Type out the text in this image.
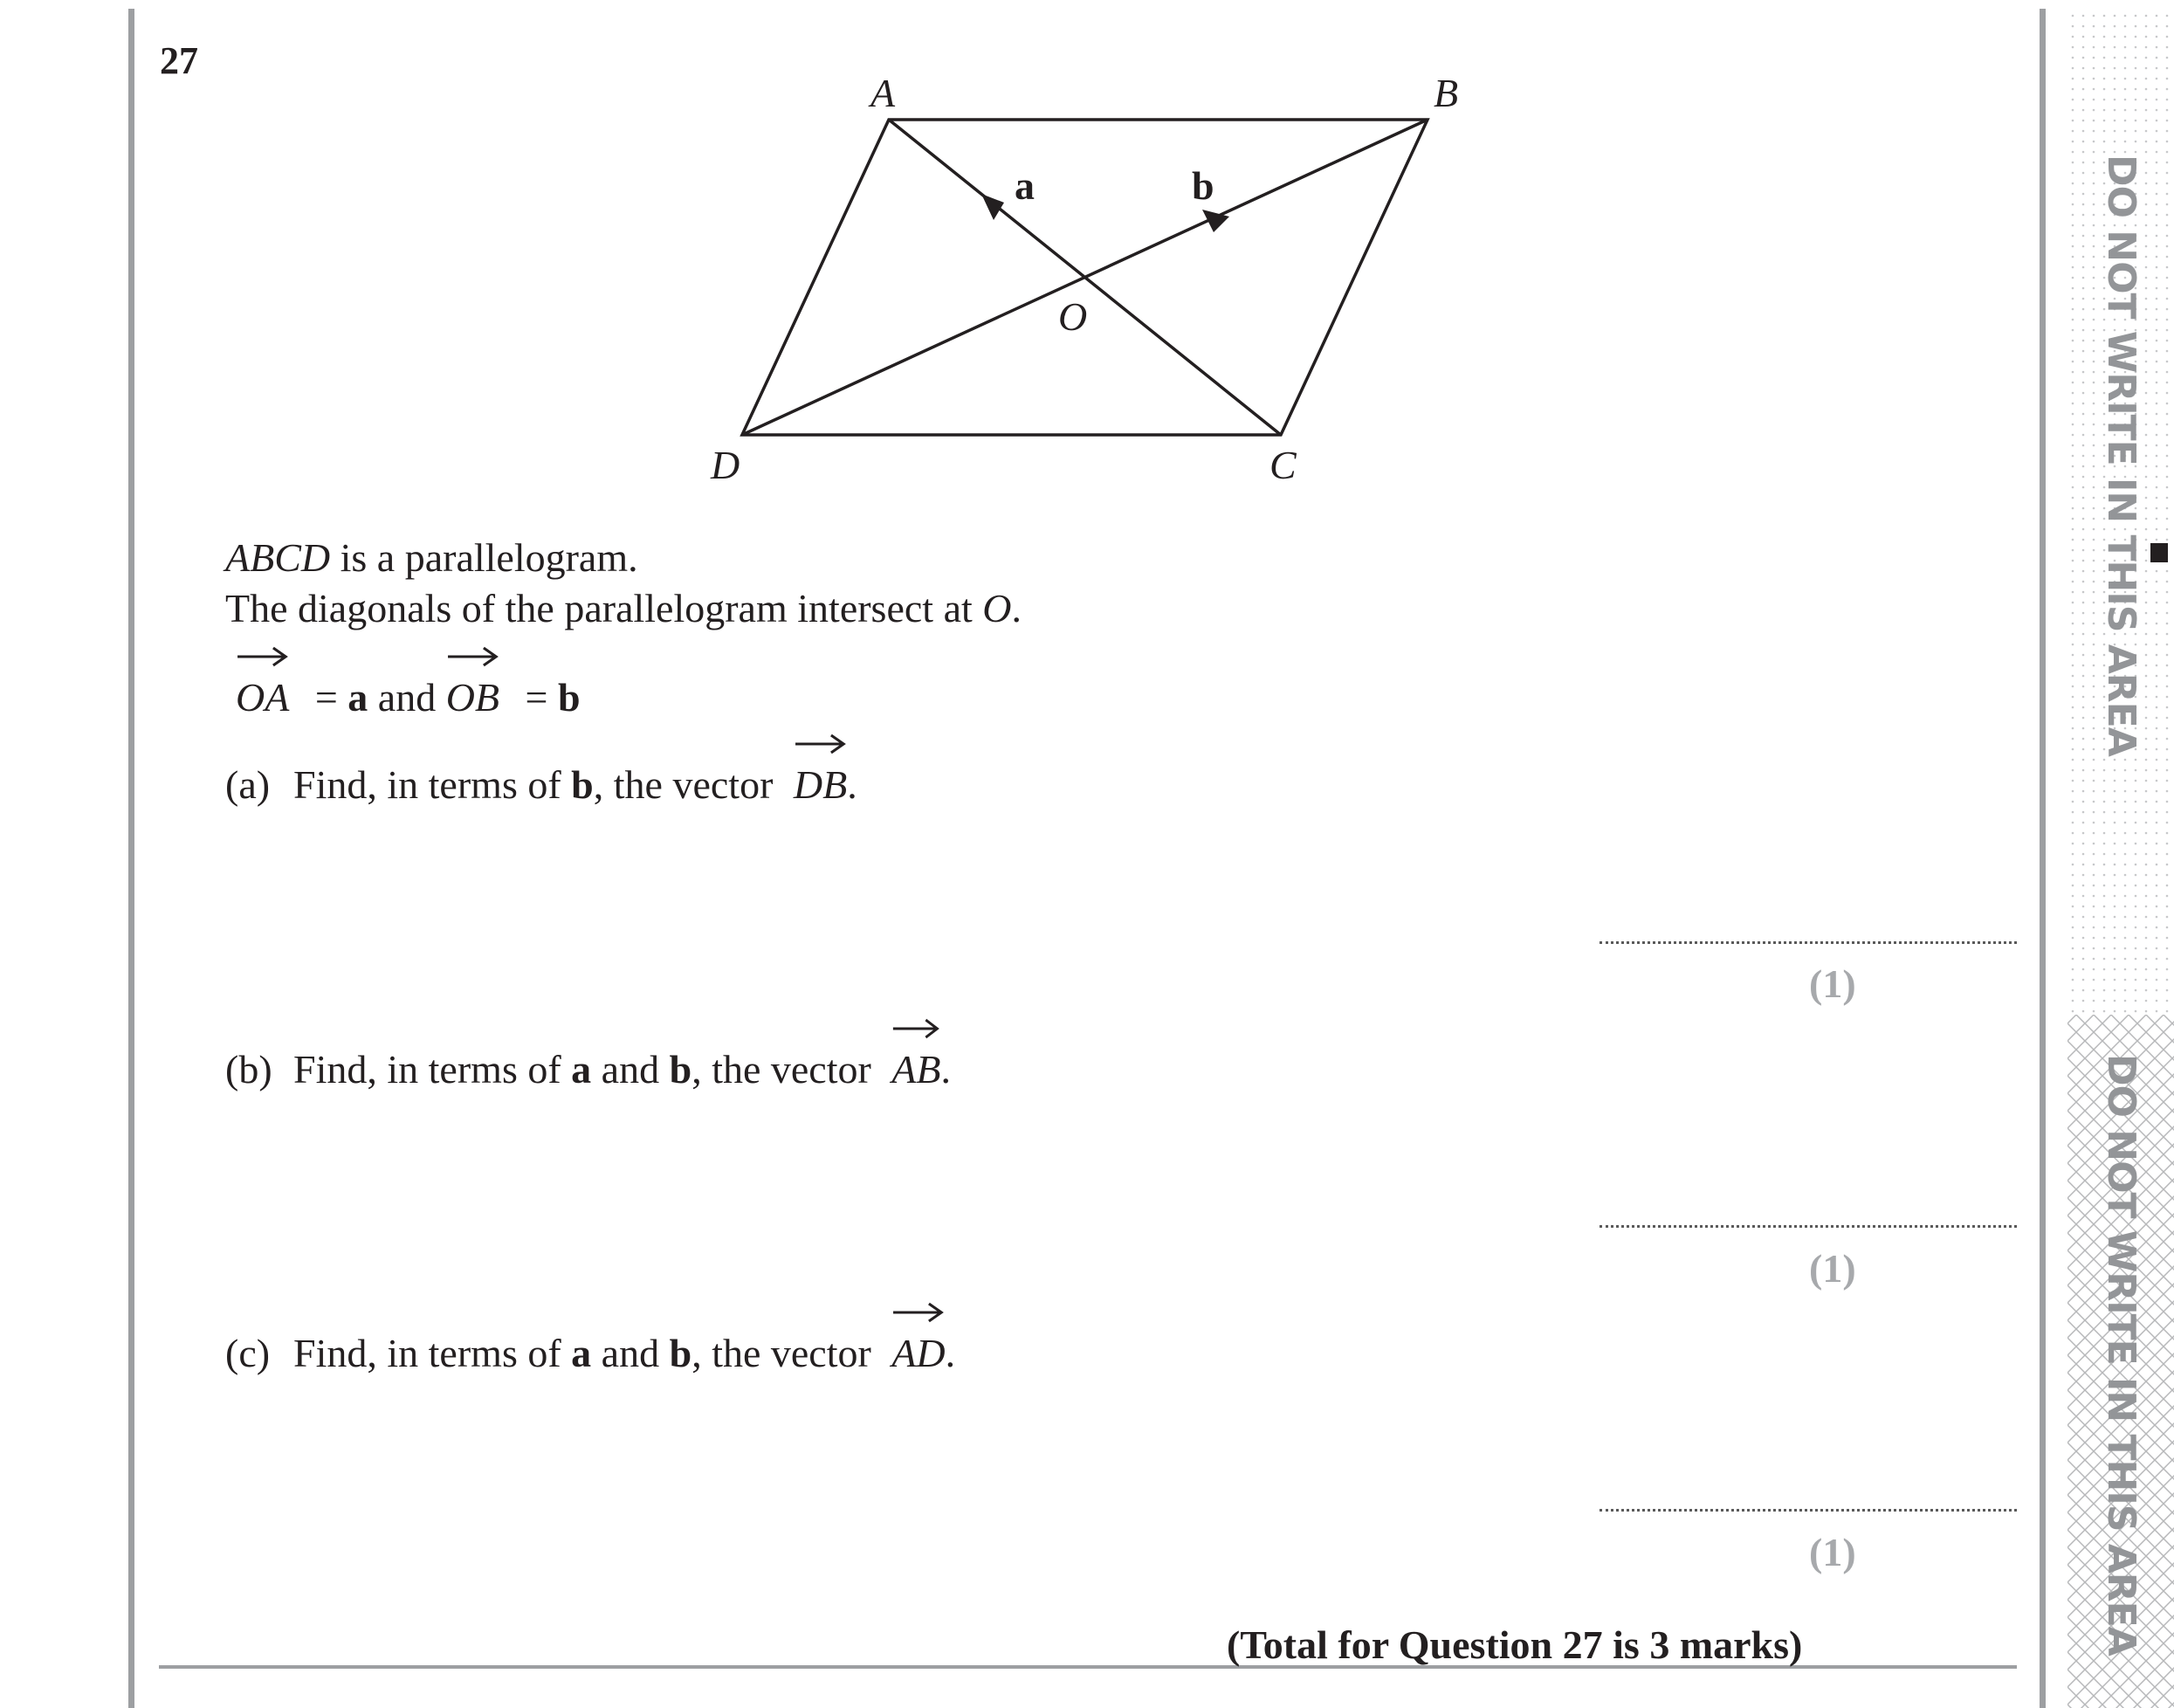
27
A	B
C
D
O
a	b
ABCD is a parallelogram.
The diagonals of the parallelogram intersect at O.
OA = a and OB = b
(a) Find, in terms of b, the vector DB.
(1)
(b) Find, in terms of a and b, the vector AB.
(1)
(c) Find, in terms of a and b, the vector AD.
(1)
(Total for Question 27 is 3 marks)
DO NOT WRITE IN THIS AREA
DO NOT WRITE IN THIS AREA
